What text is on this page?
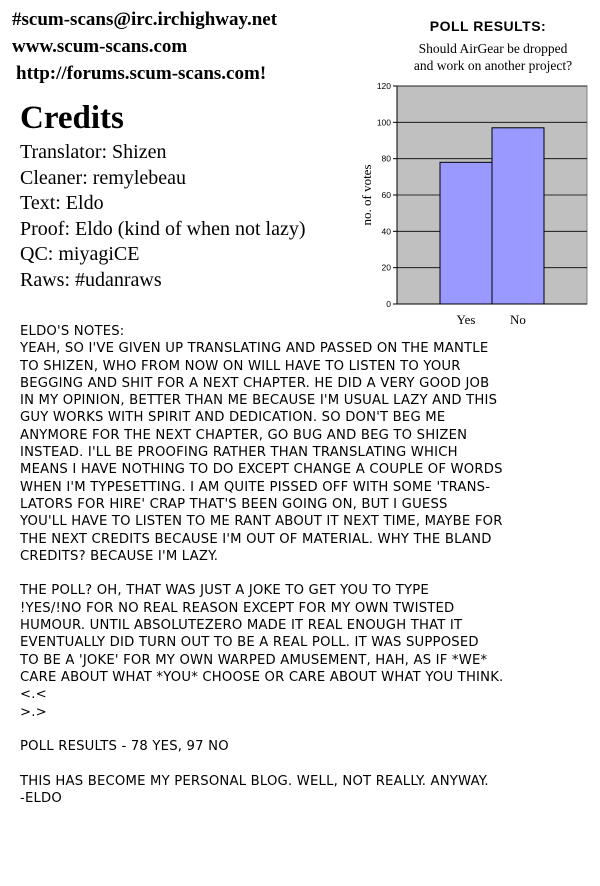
#scum-scans@irc.irchighway.net
www.scum-scans.com
http://forums.scum-scans.com!
Credits
Translator: Shizen
Cleaner: remylebeau
Text: Eldo
Proof: Eldo (kind of when not lazy)
QC: miyagiCE
Raws: #udanraws
POLL RESULTS:
Should AirGear be dropped
and work on another project?
0
20
40
60
80
100
120
Yes	No
no. of votes

ELDO'S NOTES:
YEAH, SO I'VE GIVEN UP TRANSLATING AND PASSED ON THE MANTLE
TO SHIZEN, WHO FROM NOW ON WILL HAVE TO LISTEN TO YOUR
BEGGING AND SHIT FOR A NEXT CHAPTER. HE DID A VERY GOOD JOB
IN MY OPINION, BETTER THAN ME BECAUSE I'M USUAL LAZY AND THIS
GUY WORKS WITH SPIRIT AND DEDICATION. SO DON'T BEG ME
ANYMORE FOR THE NEXT CHAPTER, GO BUG AND BEG TO SHIZEN
INSTEAD. I'LL BE PROOFING RATHER THAN TRANSLATING WHICH
MEANS I HAVE NOTHING TO DO EXCEPT CHANGE A COUPLE OF WORDS
WHEN I'M TYPESETTING. I AM QUITE PISSED OFF WITH SOME 'TRANS-
LATORS FOR HIRE' CRAP THAT'S BEEN GOING ON, BUT I GUESS
YOU'LL HAVE TO LISTEN TO ME RANT ABOUT IT NEXT TIME, MAYBE FOR
THE NEXT CREDITS BECAUSE I'M OUT OF MATERIAL. WHY THE BLAND
CREDITS? BECAUSE I'M LAZY.

THE POLL? OH, THAT WAS JUST A JOKE TO GET YOU TO TYPE
!YES/!NO FOR NO REAL REASON EXCEPT FOR MY OWN TWISTED
HUMOUR. UNTIL ABSOLUTEZERO MADE IT REAL ENOUGH THAT IT
EVENTUALLY DID TURN OUT TO BE A REAL POLL. IT WAS SUPPOSED
TO BE A 'JOKE' FOR MY OWN WARPED AMUSEMENT, HAH, AS IF *WE*
CARE ABOUT WHAT *YOU* CHOOSE OR CARE ABOUT WHAT YOU THINK.
<.<
>.>

POLL RESULTS - 78 YES, 97 NO

THIS HAS BECOME MY PERSONAL BLOG. WELL, NOT REALLY. ANYWAY.
-ELDO
